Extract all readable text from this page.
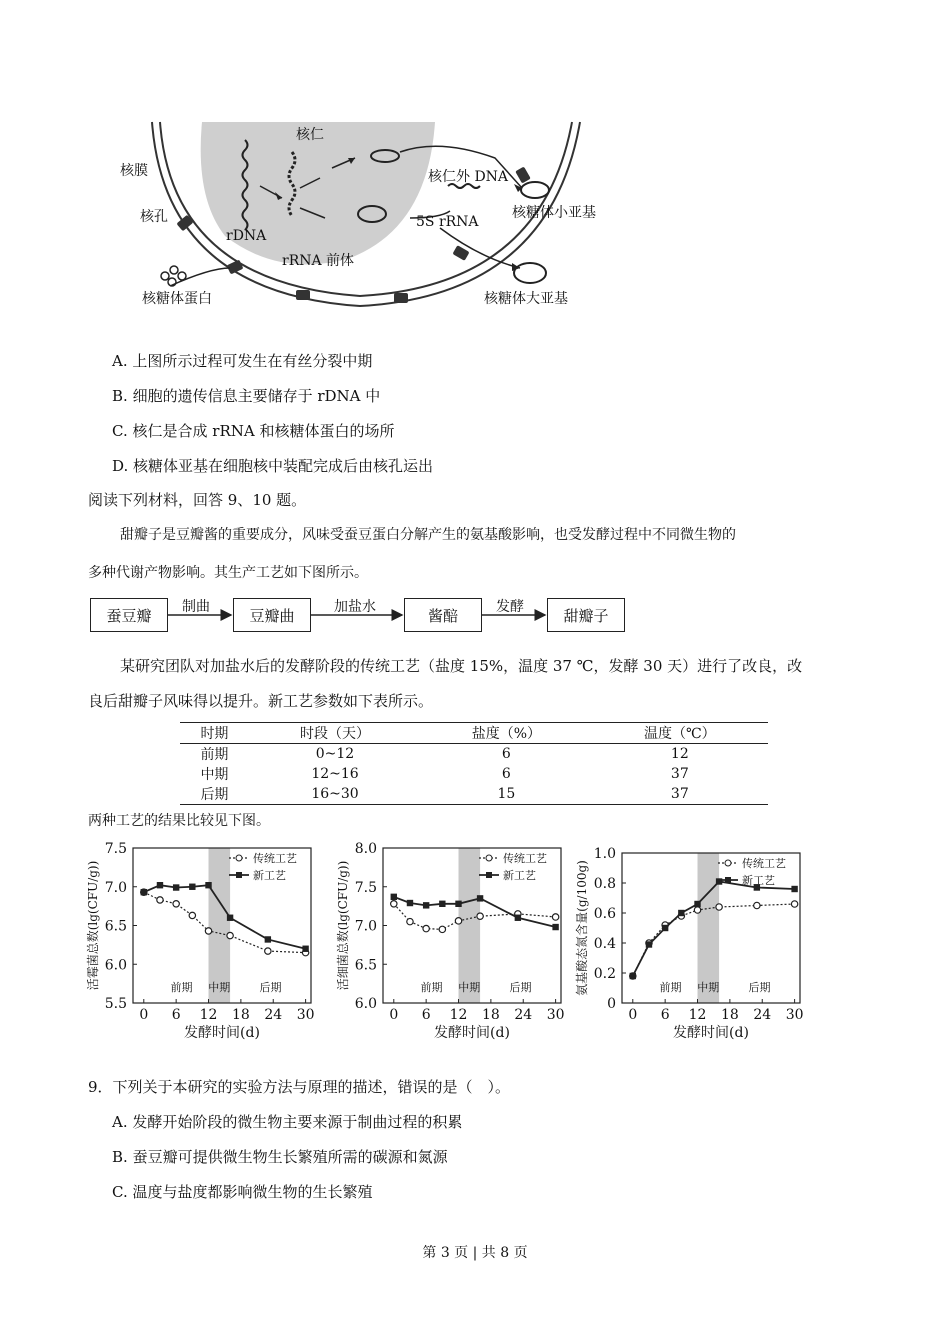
核仁
核膜
核孔
rDNA
rRNA 前体
核仁外 DNA
5S rRNA
核糖体小亚基
核糖体大亚基
核糖体蛋白
A. 上图所示过程可发生在有丝分裂中期
B. 细胞的遗传信息主要储存于 rDNA 中
C. 核仁是合成 rRNA 和核糖体蛋白的场所
D. 核糖体亚基在细胞核中装配完成后由核孔运出
阅读下列材料，回答 9、10 题。
甜瓣子是豆瓣酱的重要成分，风味受蚕豆蛋白分解产生的氨基酸影响，也受发酵过程中不同微生物的
多种代谢产物影响。其生产工艺如下图所示。
蚕豆瓣	豆瓣曲	酱醅	甜瓣子
制曲	加盐水	发酵
某研究团队对加盐水后的发酵阶段的传统工艺（盐度 15%，温度 37 ℃，发酵 30 天）进行了改良，改
良后甜瓣子风味得以提升。新工艺参数如下表所示。
时期	时段（天）	盐度（%）	温度（℃）
前期	0~12	6	12
中期	12~16	6	37
后期	16~30	15	37
两种工艺的结果比较见下图。
5.5
6.0
6.5
7.0
7.5
0 6 12 18 24 30
发酵时间(d)
活霉菌总数(lg(CFU/g))	前期 中期	后期
传统工艺
新工艺
6.0
6.5
7.0
7.5
8.0
0 6 12 18 24 30
发酵时间(d)
活细菌总数(lg(CFU/g))	前期 中期	后期
传统工艺
新工艺
0
0.2
0.4
0.6
0.8
1.0
0 6 12 18 24 30
发酵时间(d)
氨基酸态氮含量(g/100g)	前期 中期	后期
传统工艺
新工艺
9．下列关于本研究的实验方法与原理的描述，错误的是（　）。
A. 发酵开始阶段的微生物主要来源于制曲过程的积累
B. 蚕豆瓣可提供微生物生长繁殖所需的碳源和氮源
C. 温度与盐度都影响微生物的生长繁殖
第 3 页 | 共 8 页
